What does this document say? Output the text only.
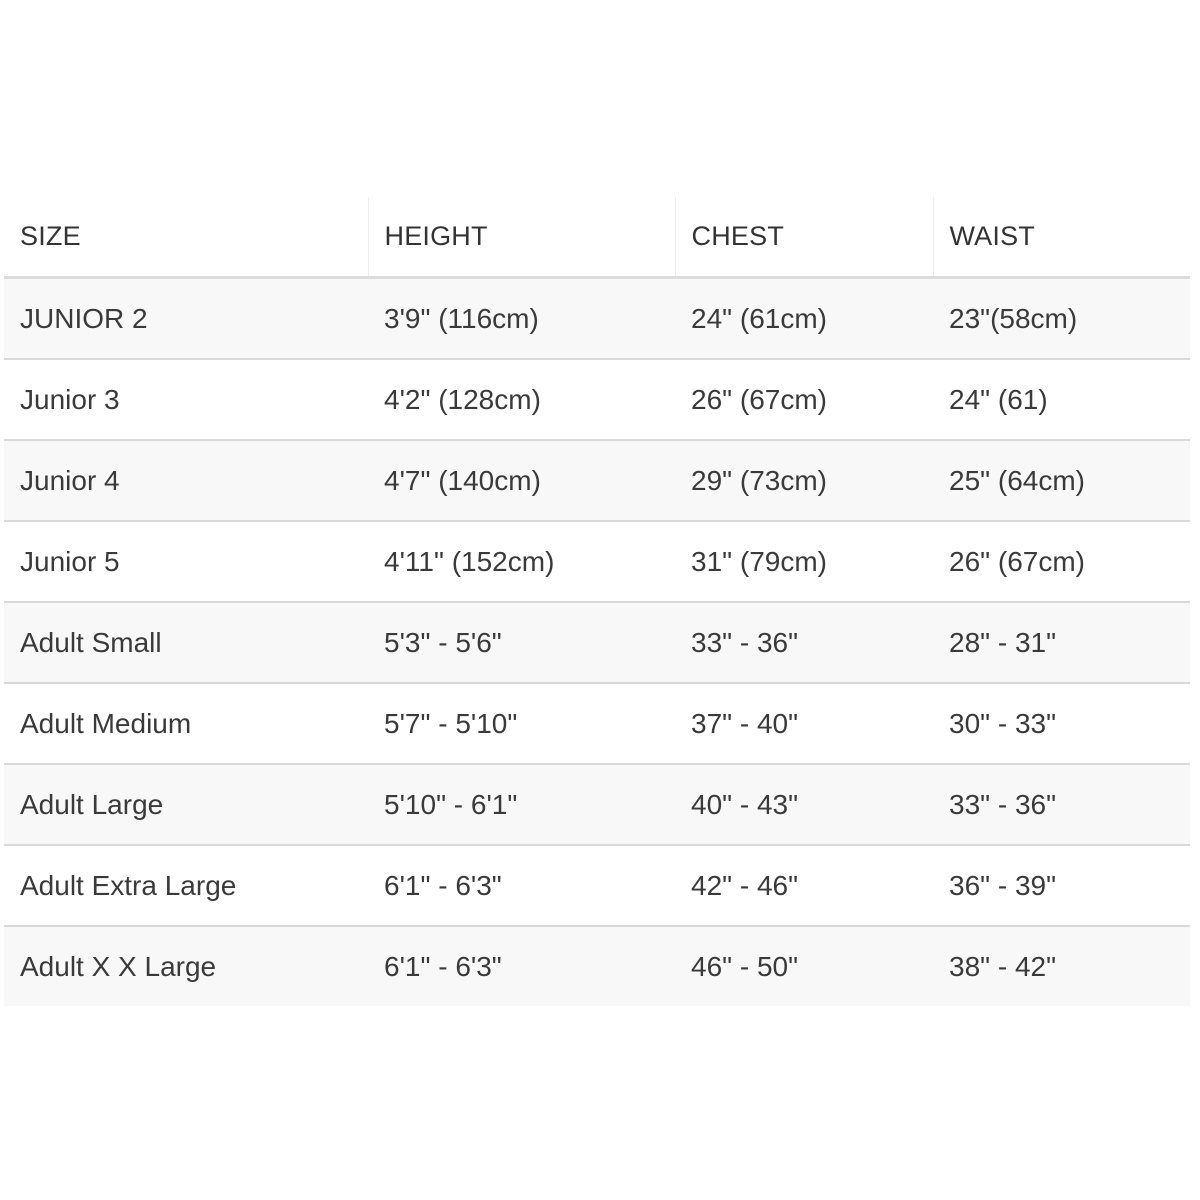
SIZE	HEIGHT	CHEST	WAIST
JUNIOR 2	3'9" (116cm)	24" (61cm)	23"(58cm)
Junior 3	4'2" (128cm)	26" (67cm)	24" (61)
Junior 4	4'7" (140cm)	29" (73cm)	25" (64cm)
Junior 5	4'11" (152cm)	31" (79cm)	26" (67cm)
Adult Small	5'3" - 5'6"	33" - 36"	28" - 31"
Adult Medium	5'7" - 5'10"	37" - 40"	30" - 33"
Adult Large	5'10" - 6'1"	40" - 43"	33" - 36"
Adult Extra Large	6'1" - 6'3"	42" - 46"	36" - 39"
Adult X X Large	6'1" - 6'3"	46" - 50"	38" - 42"
